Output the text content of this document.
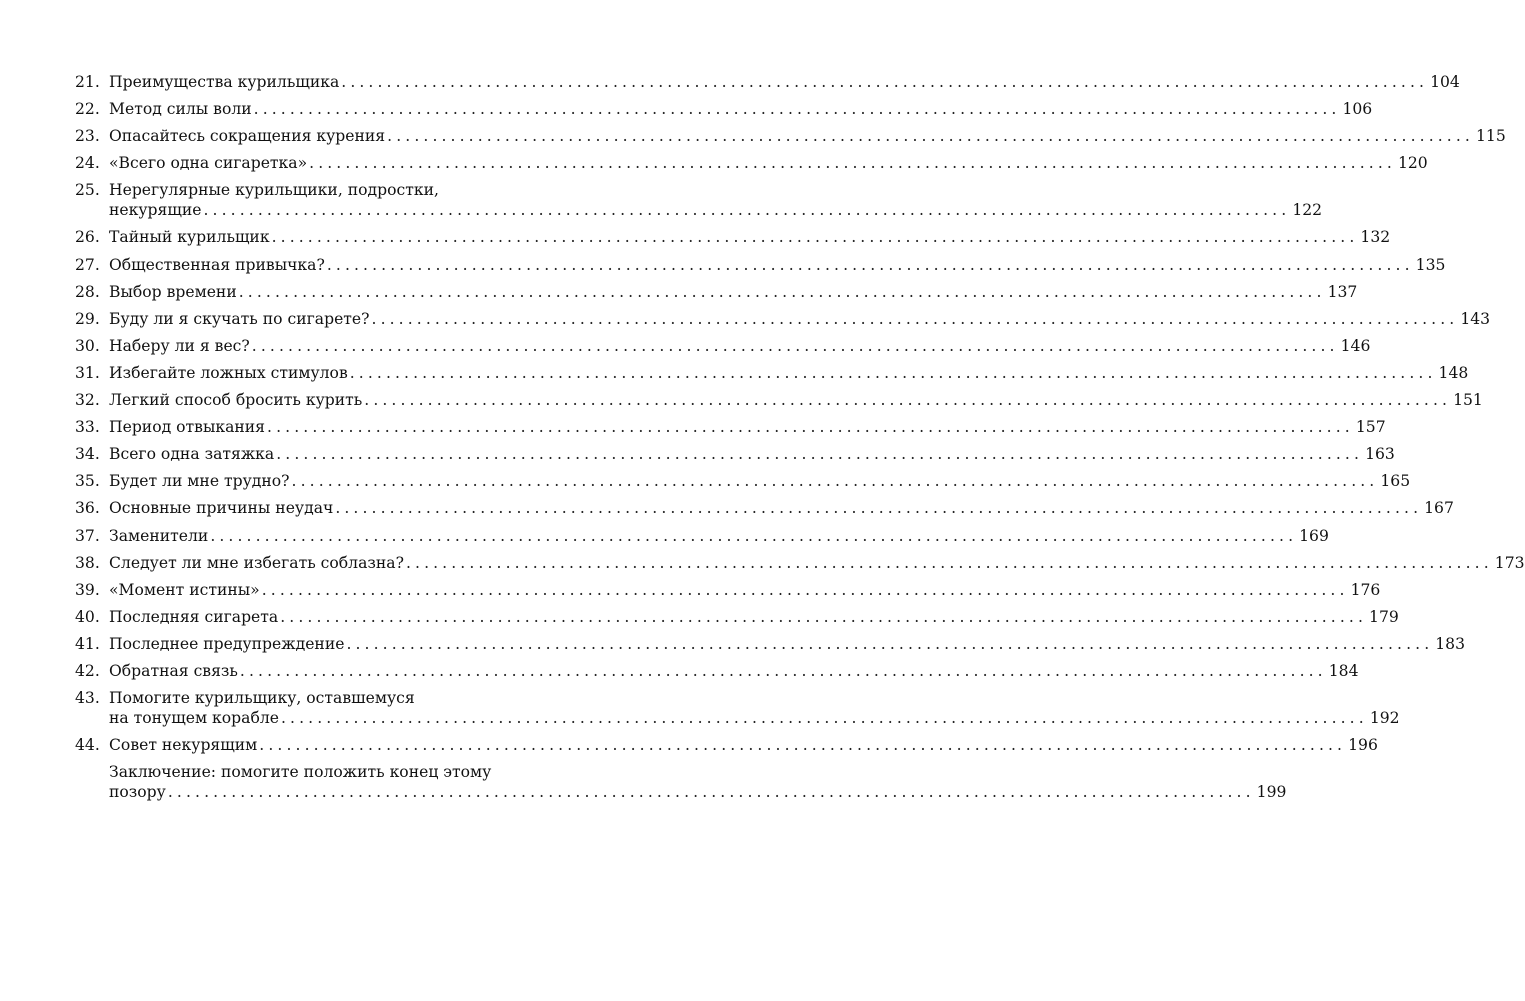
21. Преимущества курильщика ........................................................................................................................ 104
22. Метод силы воли ........................................................................................................................ 106
23. Опасайтесь сокращения курения ........................................................................................................................ 115
24. «Всего одна сигаретка» ........................................................................................................................ 120
25. Нерегулярные курильщики, подростки,
некурящие ........................................................................................................................ 122
26. Тайный курильщик ........................................................................................................................ 132
27. Общественная привычка? ........................................................................................................................ 135
28. Выбор времени ........................................................................................................................ 137
29. Буду ли я скучать по сигарете? ........................................................................................................................ 143
30. Наберу ли я вес? ........................................................................................................................ 146
31. Избегайте ложных стимулов ........................................................................................................................ 148
32. Легкий способ бросить курить ........................................................................................................................ 151
33. Период отвыкания ........................................................................................................................ 157
34. Всего одна затяжка ........................................................................................................................ 163
35. Будет ли мне трудно? ........................................................................................................................ 165
36. Основные причины неудач ........................................................................................................................ 167
37. Заменители ........................................................................................................................ 169
38. Следует ли мне избегать соблазна? ........................................................................................................................ 173
39. «Момент истины» ........................................................................................................................ 176
40. Последняя сигарета ........................................................................................................................ 179
41. Последнее предупреждение ........................................................................................................................ 183
42. Обратная связь ........................................................................................................................ 184
43. Помогите курильщику, оставшемуся
на тонущем корабле ........................................................................................................................ 192
44. Совет некурящим ........................................................................................................................ 196
Заключение: помогите положить конец этому
позору ........................................................................................................................ 199
